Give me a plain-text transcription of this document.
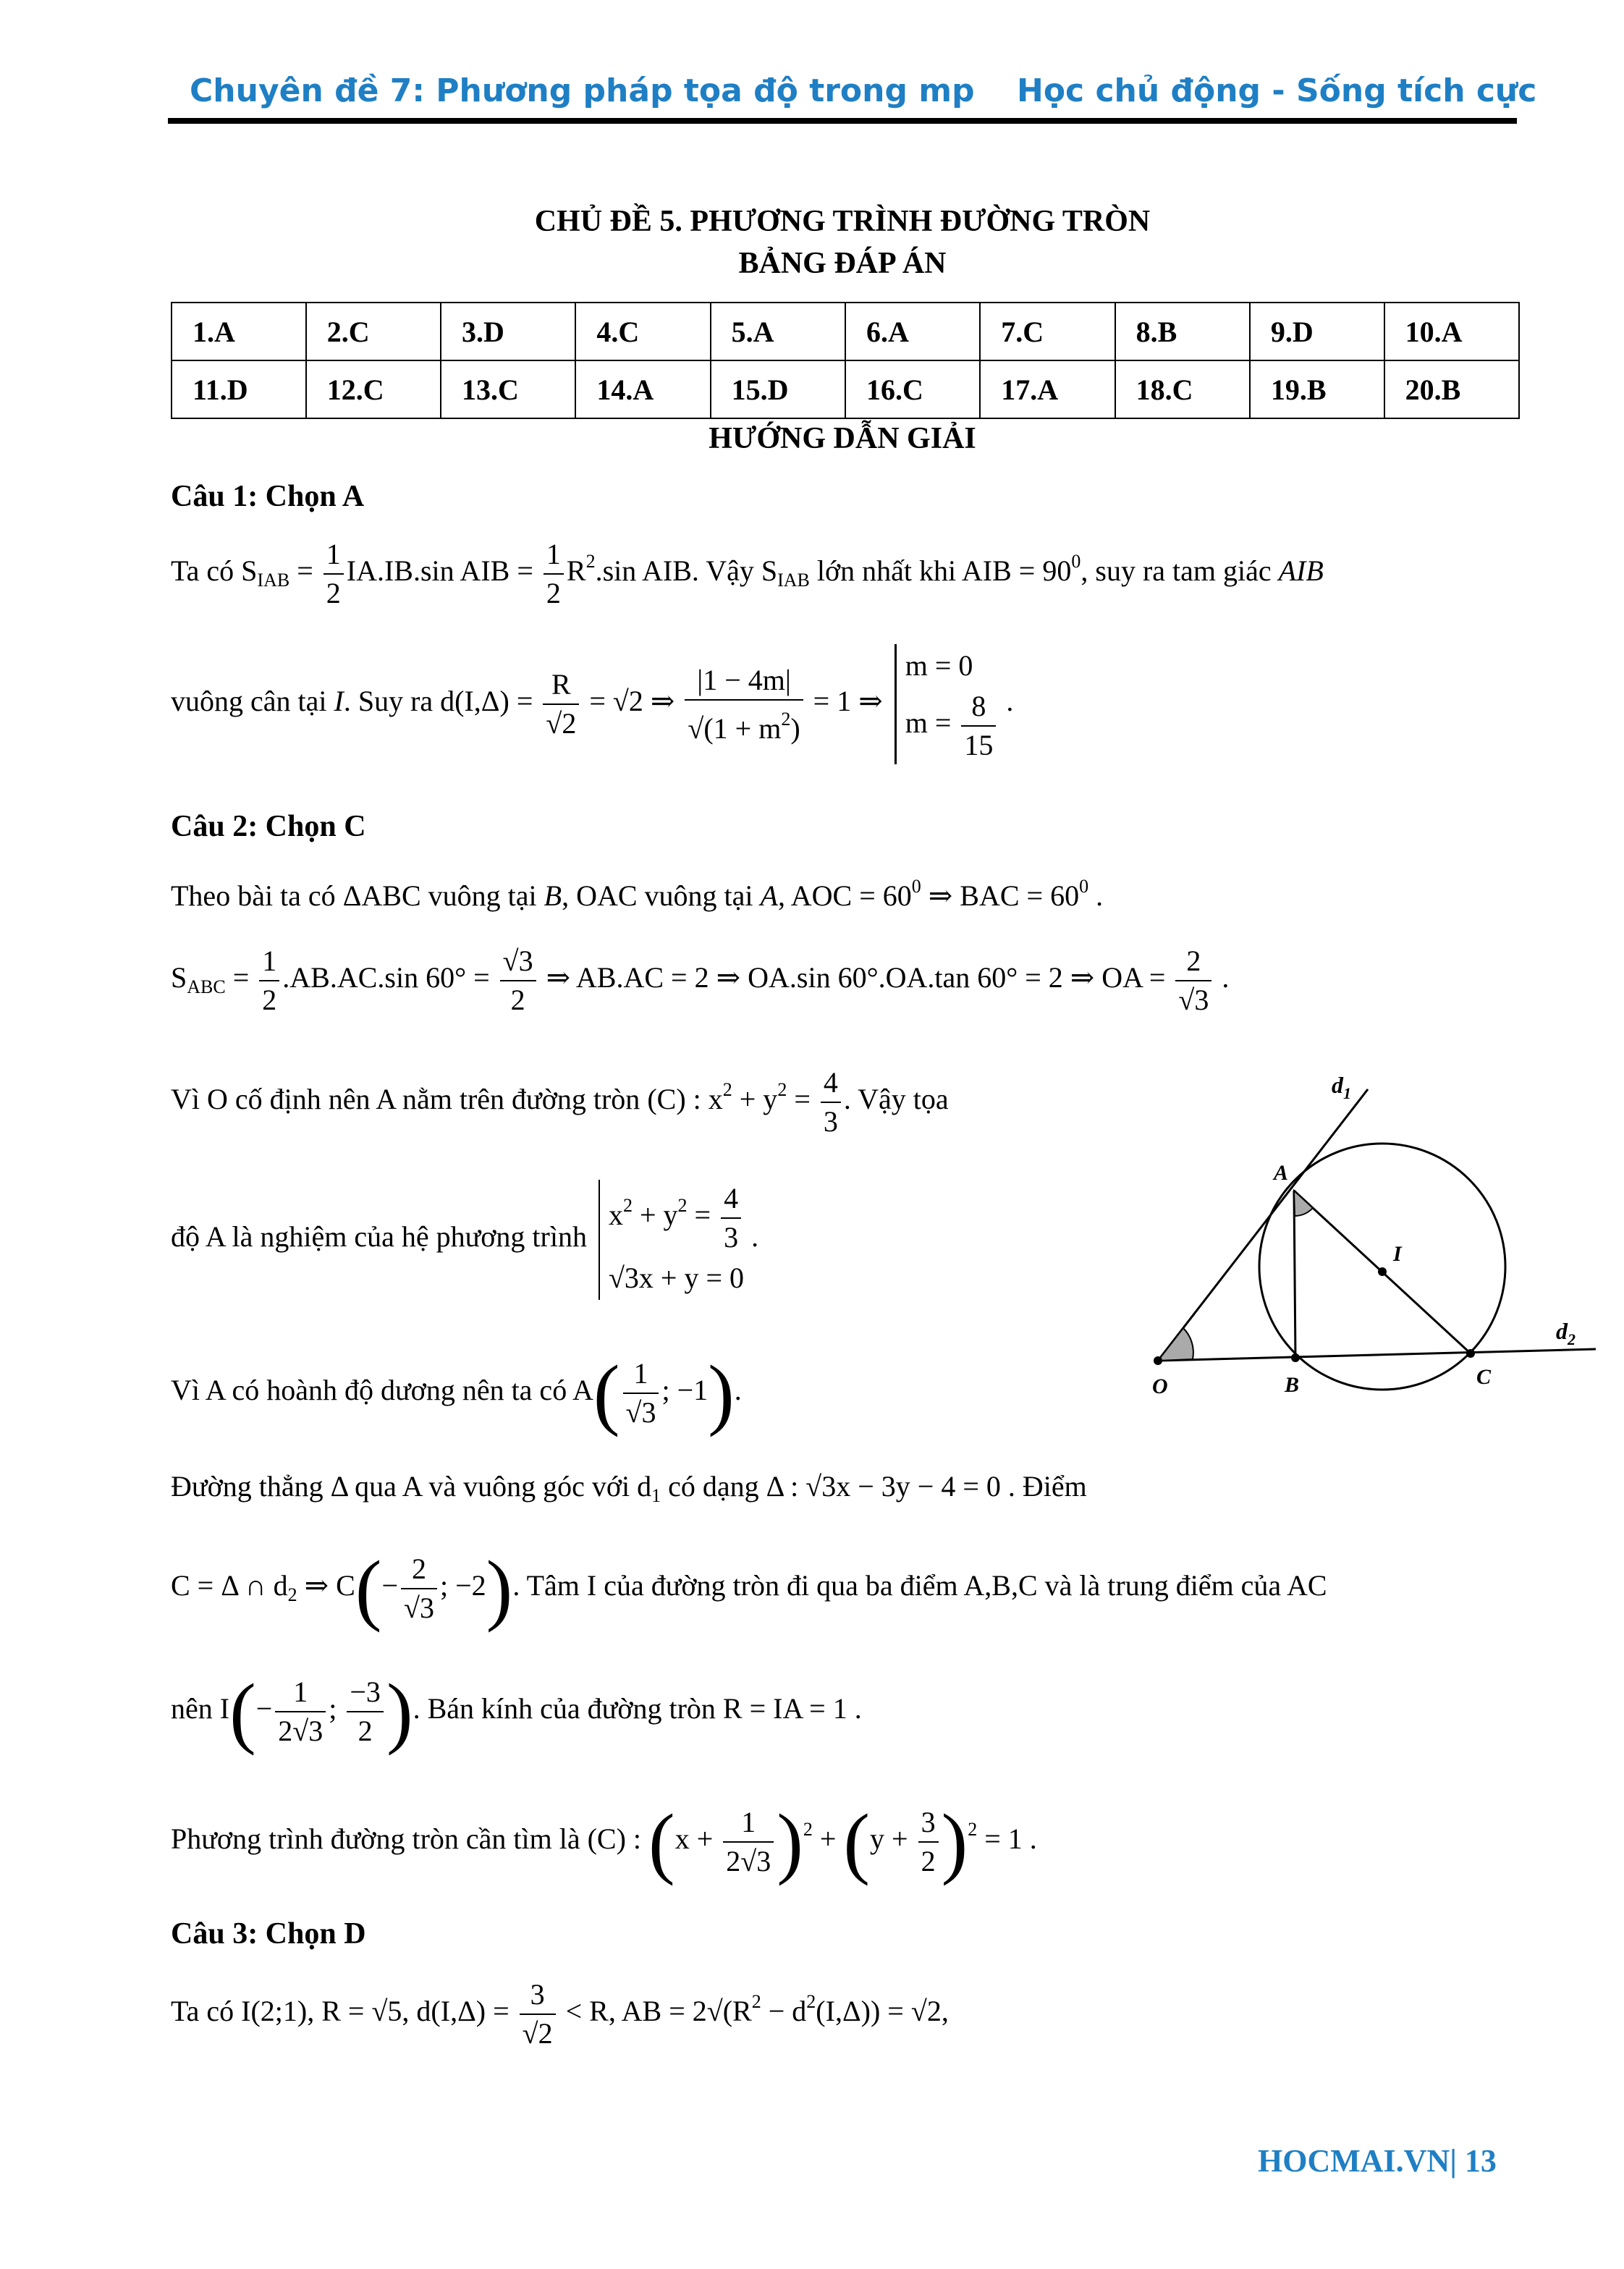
Chuyên đề 7: Phương pháp tọa độ trong mp Học chủ động - Sống tích cực
CHỦ ĐỀ 5. PHƯƠNG TRÌNH ĐƯỜNG TRÒN
BẢNG ĐÁP ÁN
1.A	2.C	3.D	4.C	5.A	6.A	7.C	8.B	9.D	10.A
11.D	12.C	13.C	14.A	15.D	16.C	17.A	18.C	19.B	20.B
HƯỚNG DẪN GIẢI
Câu 1: Chọn A
Ta có $S_{IAB} = \frac{1}{2} IA.IB.\sin$ AIB = $\frac{1}{2} R^2.\sin$ AIB. Vậy $S_{IAB}$ lớn nhất khi AIB = $90^0$, suy ra tam giác AIB
vuông cân tại I. Suy ra $d(I,\Delta) = \frac{R}{√2} = √2$ ⇒ $\frac{|1 - 4m|}{√(1 + m^2)} = 1$ ⇒
m = 0
$m = \frac{8}{15}$ .
Câu 2: Chọn C
Theo bài ta có ΔABC vuông tại B, OAC vuông tại A, AOC = $60^0$ ⇒ BAC = $60^0$ .
$S_{ABC} = \frac{1}{2} .AB.AC.\sin$ $60^\circ = \frac{√3}{2}$ ⇒ AB.AC = 2 ⇒ OA.sin 60°.OA.tan 60° = 2 ⇒ OA = $\frac{2}{√3}$ .
Vì O cố định nên A nằm trên đường tròn (C) : $x^2 + y^2 = \frac{4}{3}$ . Vậy tọa
độ A là nghiệm của hệ phương trình
$x^2 + y^2 = \frac{4}{3}$
√3x + y = 0
.
Vì A có hoành độ dương nên ta có $A( \frac{1}{√3}$ ; −1).
Đường thẳng Δ qua A và vuông góc với $d_1$ có dạng Δ : √3x − 3y − 4 = 0 . Điểm
C = Δ ∩ $d_2$ ⇒ $C(- \frac{2}{√3}$ ; −2). Tâm I của đường tròn đi qua ba điểm A,B,C và là trung điểm của AC
nên $I(- \frac{1}{2√3}$ ; $\frac{-3}{2}$ ). Bán kính của đường tròn R = IA = 1 .
Phương trình đường tròn cần tìm là (C) : $(x + \frac{1}{2√3} )^2 + (y + \frac{3}{2} )^2 = 1$ .
Câu 3: Chọn D
Ta có I(2;1), R = √5, $d(I,\Delta) = \frac{3}{√2} < R$, AB = $2√(R^2 - d^2(I,\Delta)) = √2$,
$d_1$
$d_2$
A
B	C
O
I
HOCMAI.VN| 13
